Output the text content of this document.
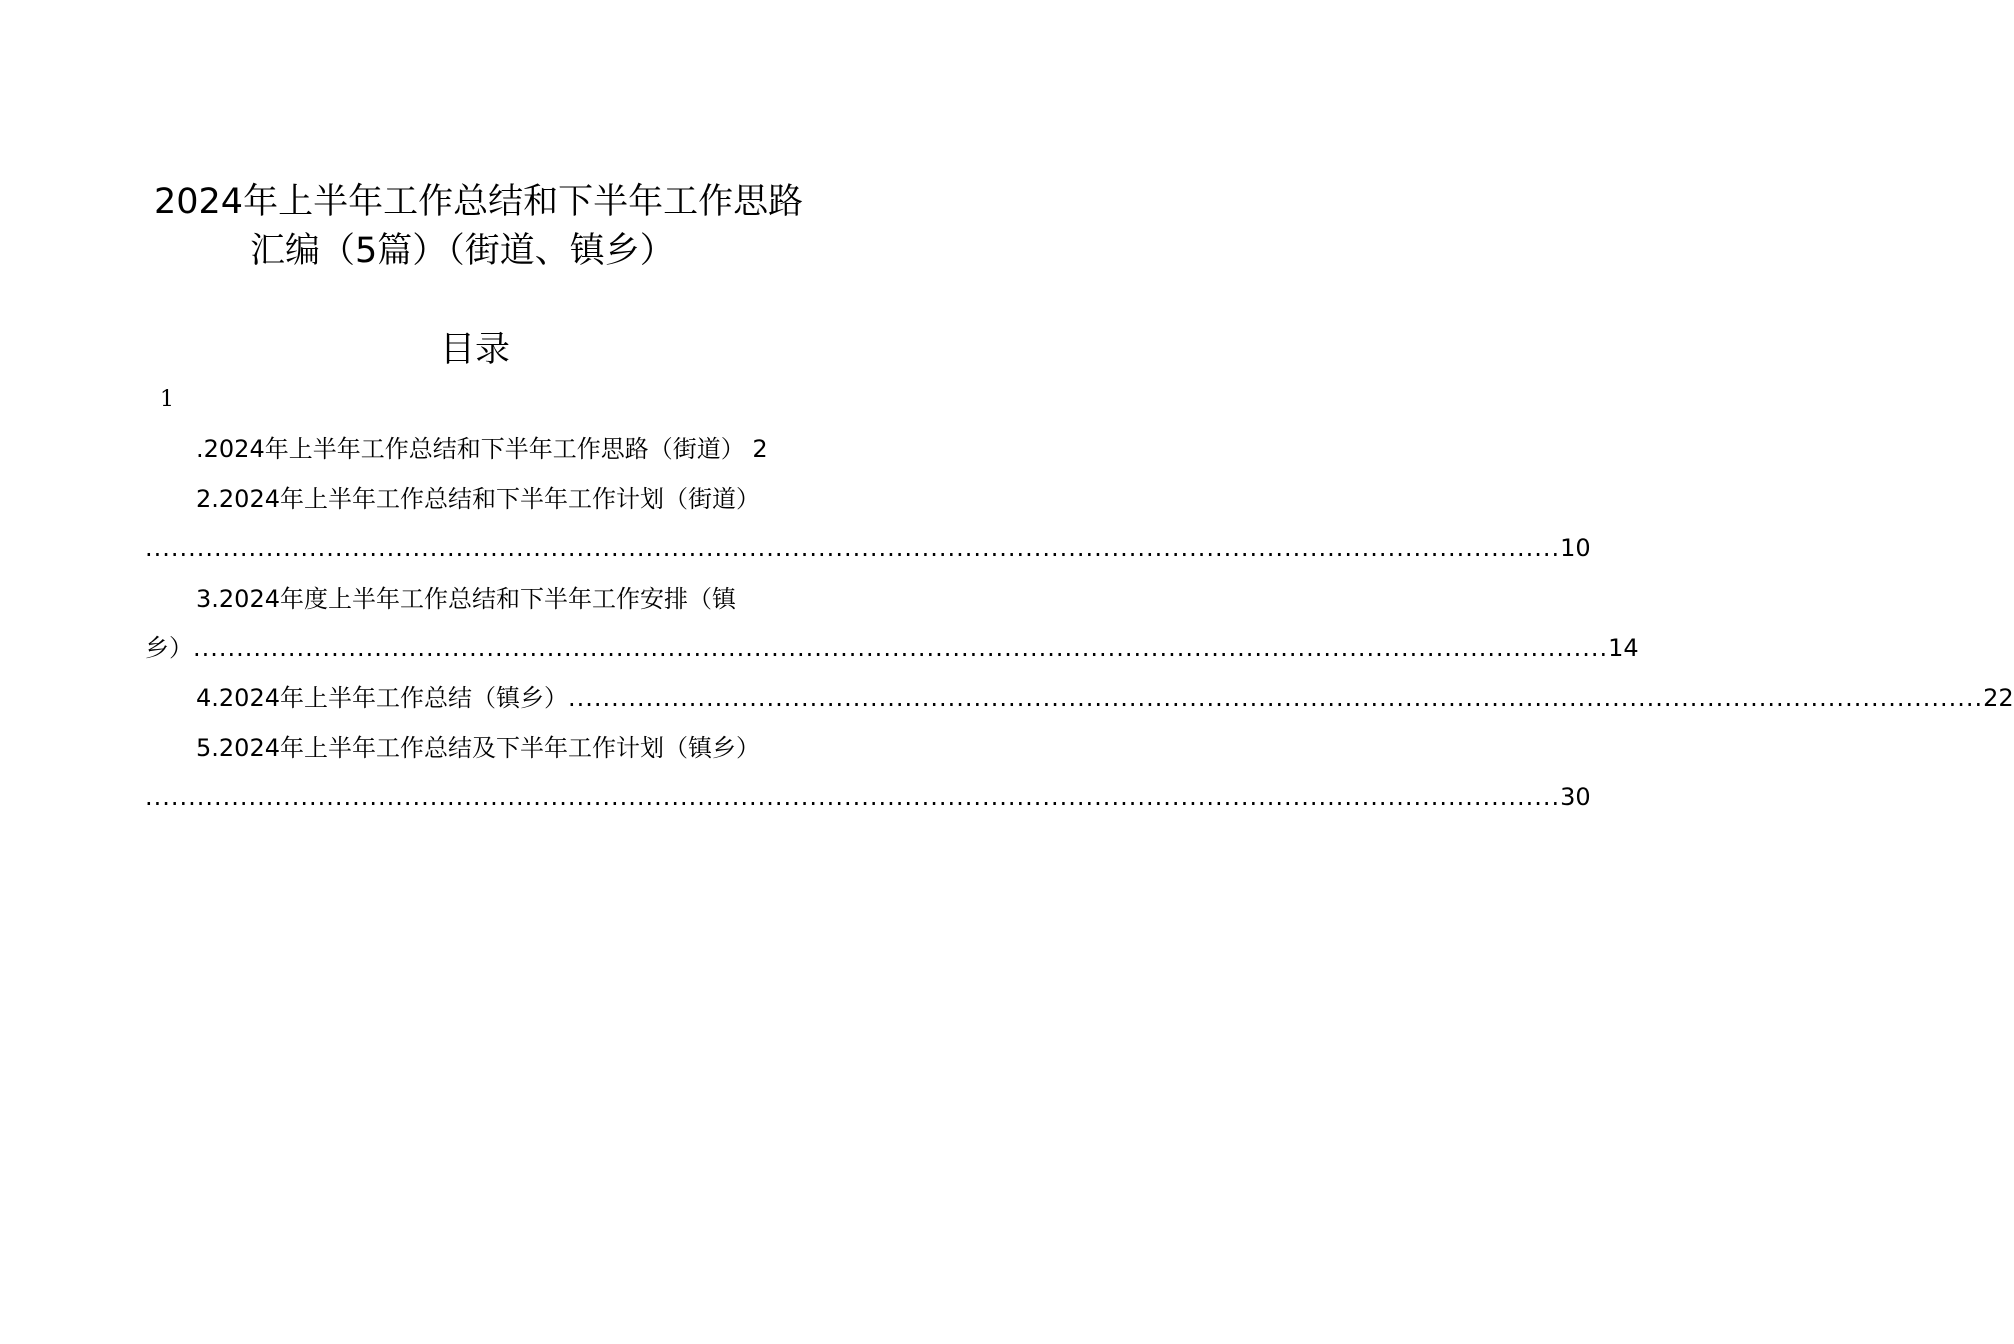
2024年上半年工作总结和下半年工作思路
汇编（5篇）（街道、镇乡）
目录
1
.2024年上半年工作总结和下半年工作思路（街道） 2
2.2024年上半年工作总结和下半年工作计划（街道）
.................................................................................................................................................................... 10
3.2024年度上半年工作总结和下半年工作安排（镇
乡） .................................................................................................................................................................... 14
4.2024年上半年工作总结（镇乡） .................................................................................................................................................................... 22
5.2024年上半年工作总结及下半年工作计划（镇乡）
.................................................................................................................................................................... 30
